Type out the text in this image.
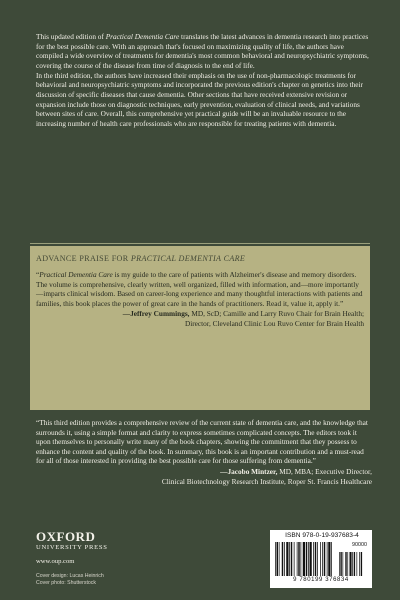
This updated edition of Practical Dementia Care translates the latest advances in dementia research into practices for the best possible care. With an approach that's focused on maximizing quality of life, the authors have compiled a wide overview of treatments for dementia's most common behavioral and neuropsychiatric symptoms, covering the course of the disease from time of diagnosis to the end of life.

In the third edition, the authors have increased their emphasis on the use of non-pharmacologic treatments for behavioral and neuropsychiatric symptoms and incorporated the previous edition's chapter on genetics into their discussion of specific diseases that cause dementia. Other sections that have received extensive revision or expansion include those on diagnostic techniques, early prevention, evaluation of clinical needs, and variations between sites of care. Overall, this comprehensive yet practical guide will be an invaluable resource to the increasing number of health care professionals who are responsible for treating patients with dementia.

ADVANCE PRAISE FOR PRACTICAL DEMENTIA CARE
“Practical Dementia Care is my guide to the care of patients with Alzheimer's disease and memory disorders. The volume is comprehensive, clearly written, well organized, filled with information, and—more importantly—imparts clinical wisdom. Based on career-long experience and many thoughtful interactions with patients and families, this book places the power of great care in the hands of practitioners. Read it, value it, apply it.”
—Jeffrey Cummings, MD, ScD; Camille and Larry Ruvo Chair for Brain Health;
Director, Cleveland Clinic Lou Ruvo Center for Brain Health
“This third edition provides a comprehensive review of the current state of dementia care, and the knowledge that surrounds it, using a simple format and clarity to express sometimes complicated concepts. The editors took it upon themselves to personally write many of the book chapters, showing the commitment that they possess to enhance the content and quality of the book. In summary, this book is an important contribution and a must-read for all of those interested in providing the best possible care for those suffering from dementia.”
—Jacobo Mintzer, MD, MBA; Executive Director,
Clinical Biotechnology Research Institute, Roper St. Francis Healthcare
OXFORD
UNIVERSITY PRESS
www.oup.com
Cover design: Lucas Heinrich
Cover photo: Shutterstock
ISBN 978-0-19-937683-4
90000
9 780199 376834
